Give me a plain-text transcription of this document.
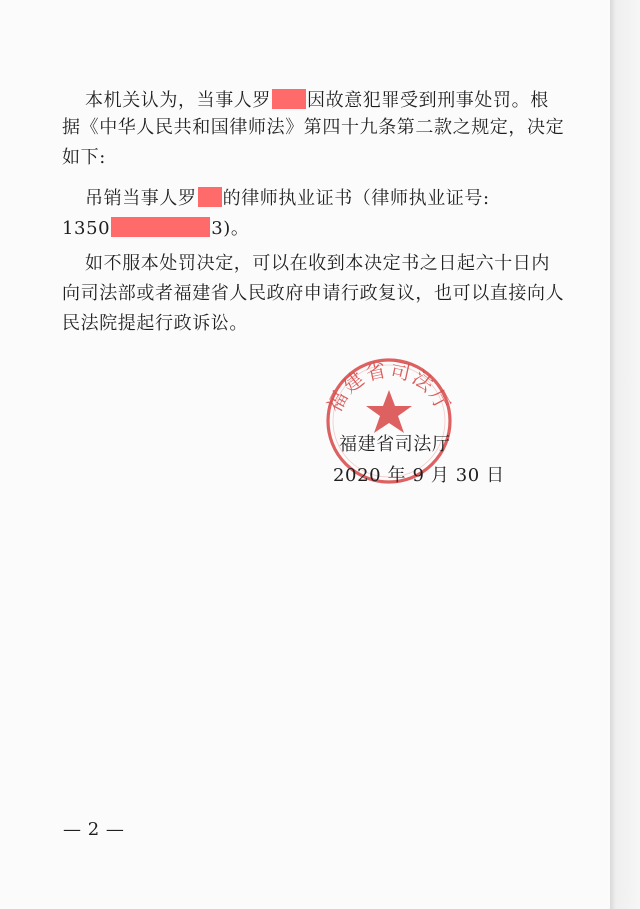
本机关认为，当事人罗 因故意犯罪受到刑事处罚。根
据《中华人民共和国律师法》第四十九条第二款之规定，决定
如下:
吊销当事人罗 的律师执业证书（律师执业证号:
1350	3)。
如不服本处罚决定，可以在收到本决定书之日起六十日内
向司法部或者福建省人民政府申请行政复议，也可以直接向人
民法院提起行政诉讼。
福建省司法厅
福建省司法厅
2020 年 9 月 30 日
— 2 —
